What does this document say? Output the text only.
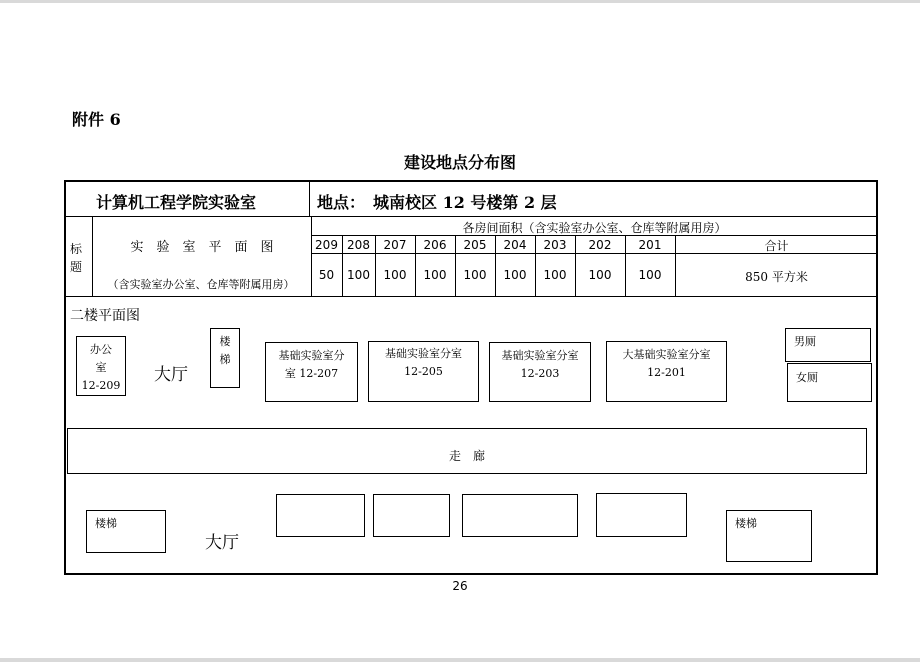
附件 6
建设地点分布图
计算机工程学院实验室	地点：　城南校区 12 号楼第 2 层
标
题
实　验　室　平　面　图
（含实验室办公室、仓库等附属用房）
各房间面积（含实验室办公室、仓库等附属用房）
209 208	207	206	205	204	203	202	201	合计
50	100	100	100	100	100	100	100	100	850 平方米
二楼平面图
办公
室
12-209
大厅
楼
梯	基础实验室分
室 12-207
基础实验室分室
12-205
基础实验室分室
12-203
大基础实验室分室
12-201
男厕
女厕
走　廊
楼梯
大厅
楼梯
26
